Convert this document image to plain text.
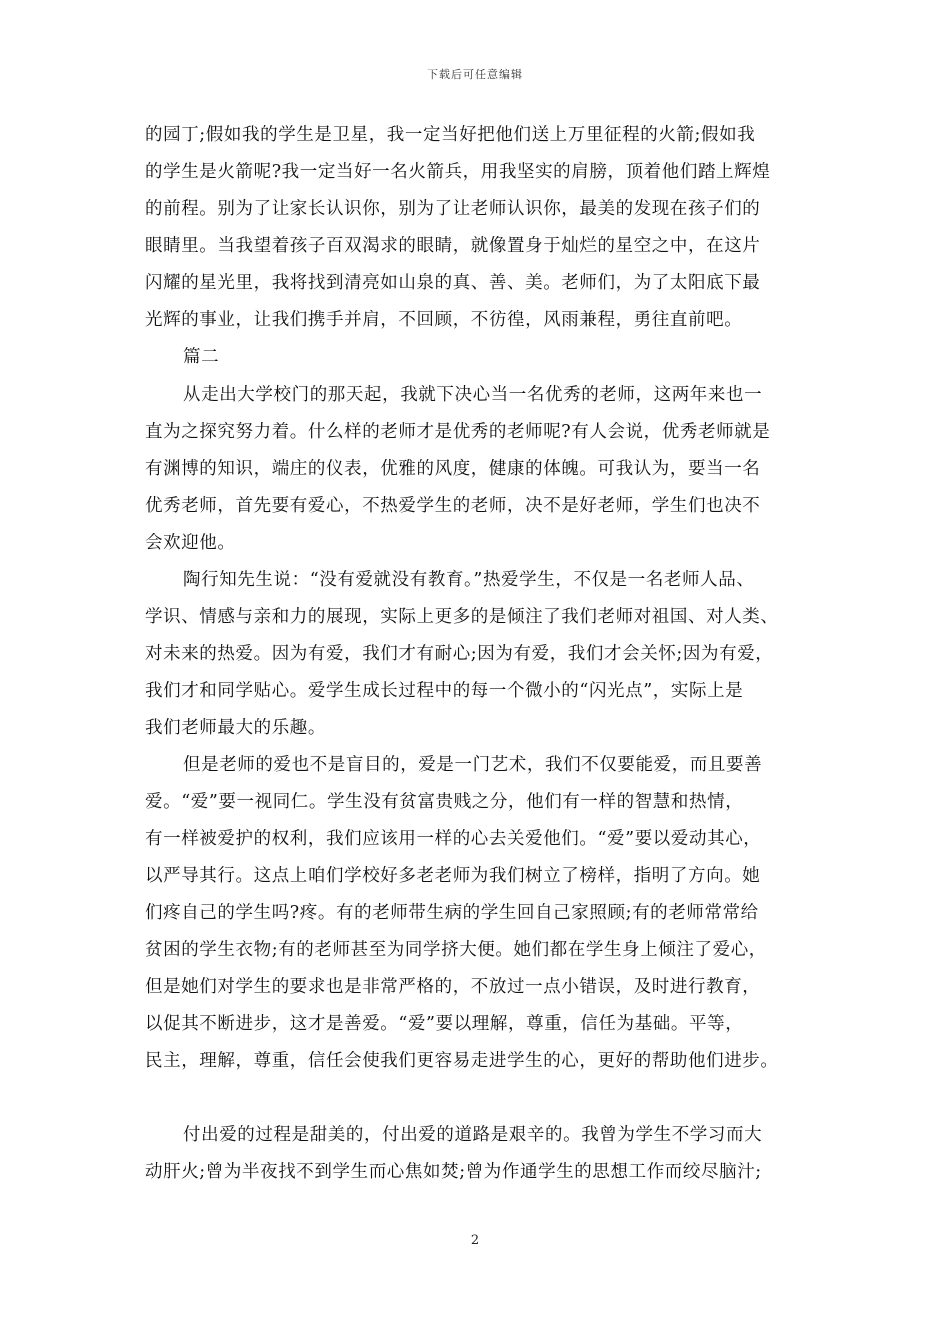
下载后可任意编辑
的园丁;假如我的学生是卫星，我一定当好把他们送上万里征程的火箭;假如我
的学生是火箭呢?我一定当好一名火箭兵，用我坚实的肩膀，顶着他们踏上辉煌
的前程。别为了让家长认识你，别为了让老师认识你，最美的发现在孩子们的
眼睛里。当我望着孩子百双渴求的眼睛，就像置身于灿烂的星空之中，在这片
闪耀的星光里，我将找到清亮如山泉的真、善、美。老师们，为了太阳底下最
光辉的事业，让我们携手并肩，不回顾，不彷徨，风雨兼程，勇往直前吧。
篇二
从走出大学校门的那天起，我就下决心当一名优秀的老师，这两年来也一
直为之探究努力着。什么样的老师才是优秀的老师呢?有人会说，优秀老师就是
有渊博的知识，端庄的仪表，优雅的风度，健康的体魄。可我认为，要当一名
优秀老师，首先要有爱心，不热爱学生的老师，决不是好老师，学生们也决不
会欢迎他。
陶行知先生说：“没有爱就没有教育。”热爱学生，不仅是一名老师人品、
学识、情感与亲和力的展现，实际上更多的是倾注了我们老师对祖国、对人类、
对未来的热爱。因为有爱，我们才有耐心;因为有爱，我们才会关怀;因为有爱，
我们才和同学贴心。爱学生成长过程中的每一个微小的“闪光点”，实际上是
我们老师最大的乐趣。
但是老师的爱也不是盲目的，爱是一门艺术，我们不仅要能爱，而且要善
爱。“爱”要一视同仁。学生没有贫富贵贱之分，他们有一样的智慧和热情，
有一样被爱护的权利，我们应该用一样的心去关爱他们。“爱”要以爱动其心，
以严导其行。这点上咱们学校好多老老师为我们树立了榜样，指明了方向。她
们疼自己的学生吗?疼。有的老师带生病的学生回自己家照顾;有的老师常常给
贫困的学生衣物;有的老师甚至为同学挤大便。她们都在学生身上倾注了爱心，
但是她们对学生的要求也是非常严格的，不放过一点小错误，及时进行教育，
以促其不断进步，这才是善爱。“爱”要以理解，尊重，信任为基础。平等，
民主，理解，尊重，信任会使我们更容易走进学生的心，更好的帮助他们进步。
付出爱的过程是甜美的，付出爱的道路是艰辛的。我曾为学生不学习而大
动肝火;曾为半夜找不到学生而心焦如焚;曾为作通学生的思想工作而绞尽脑汁;
2
